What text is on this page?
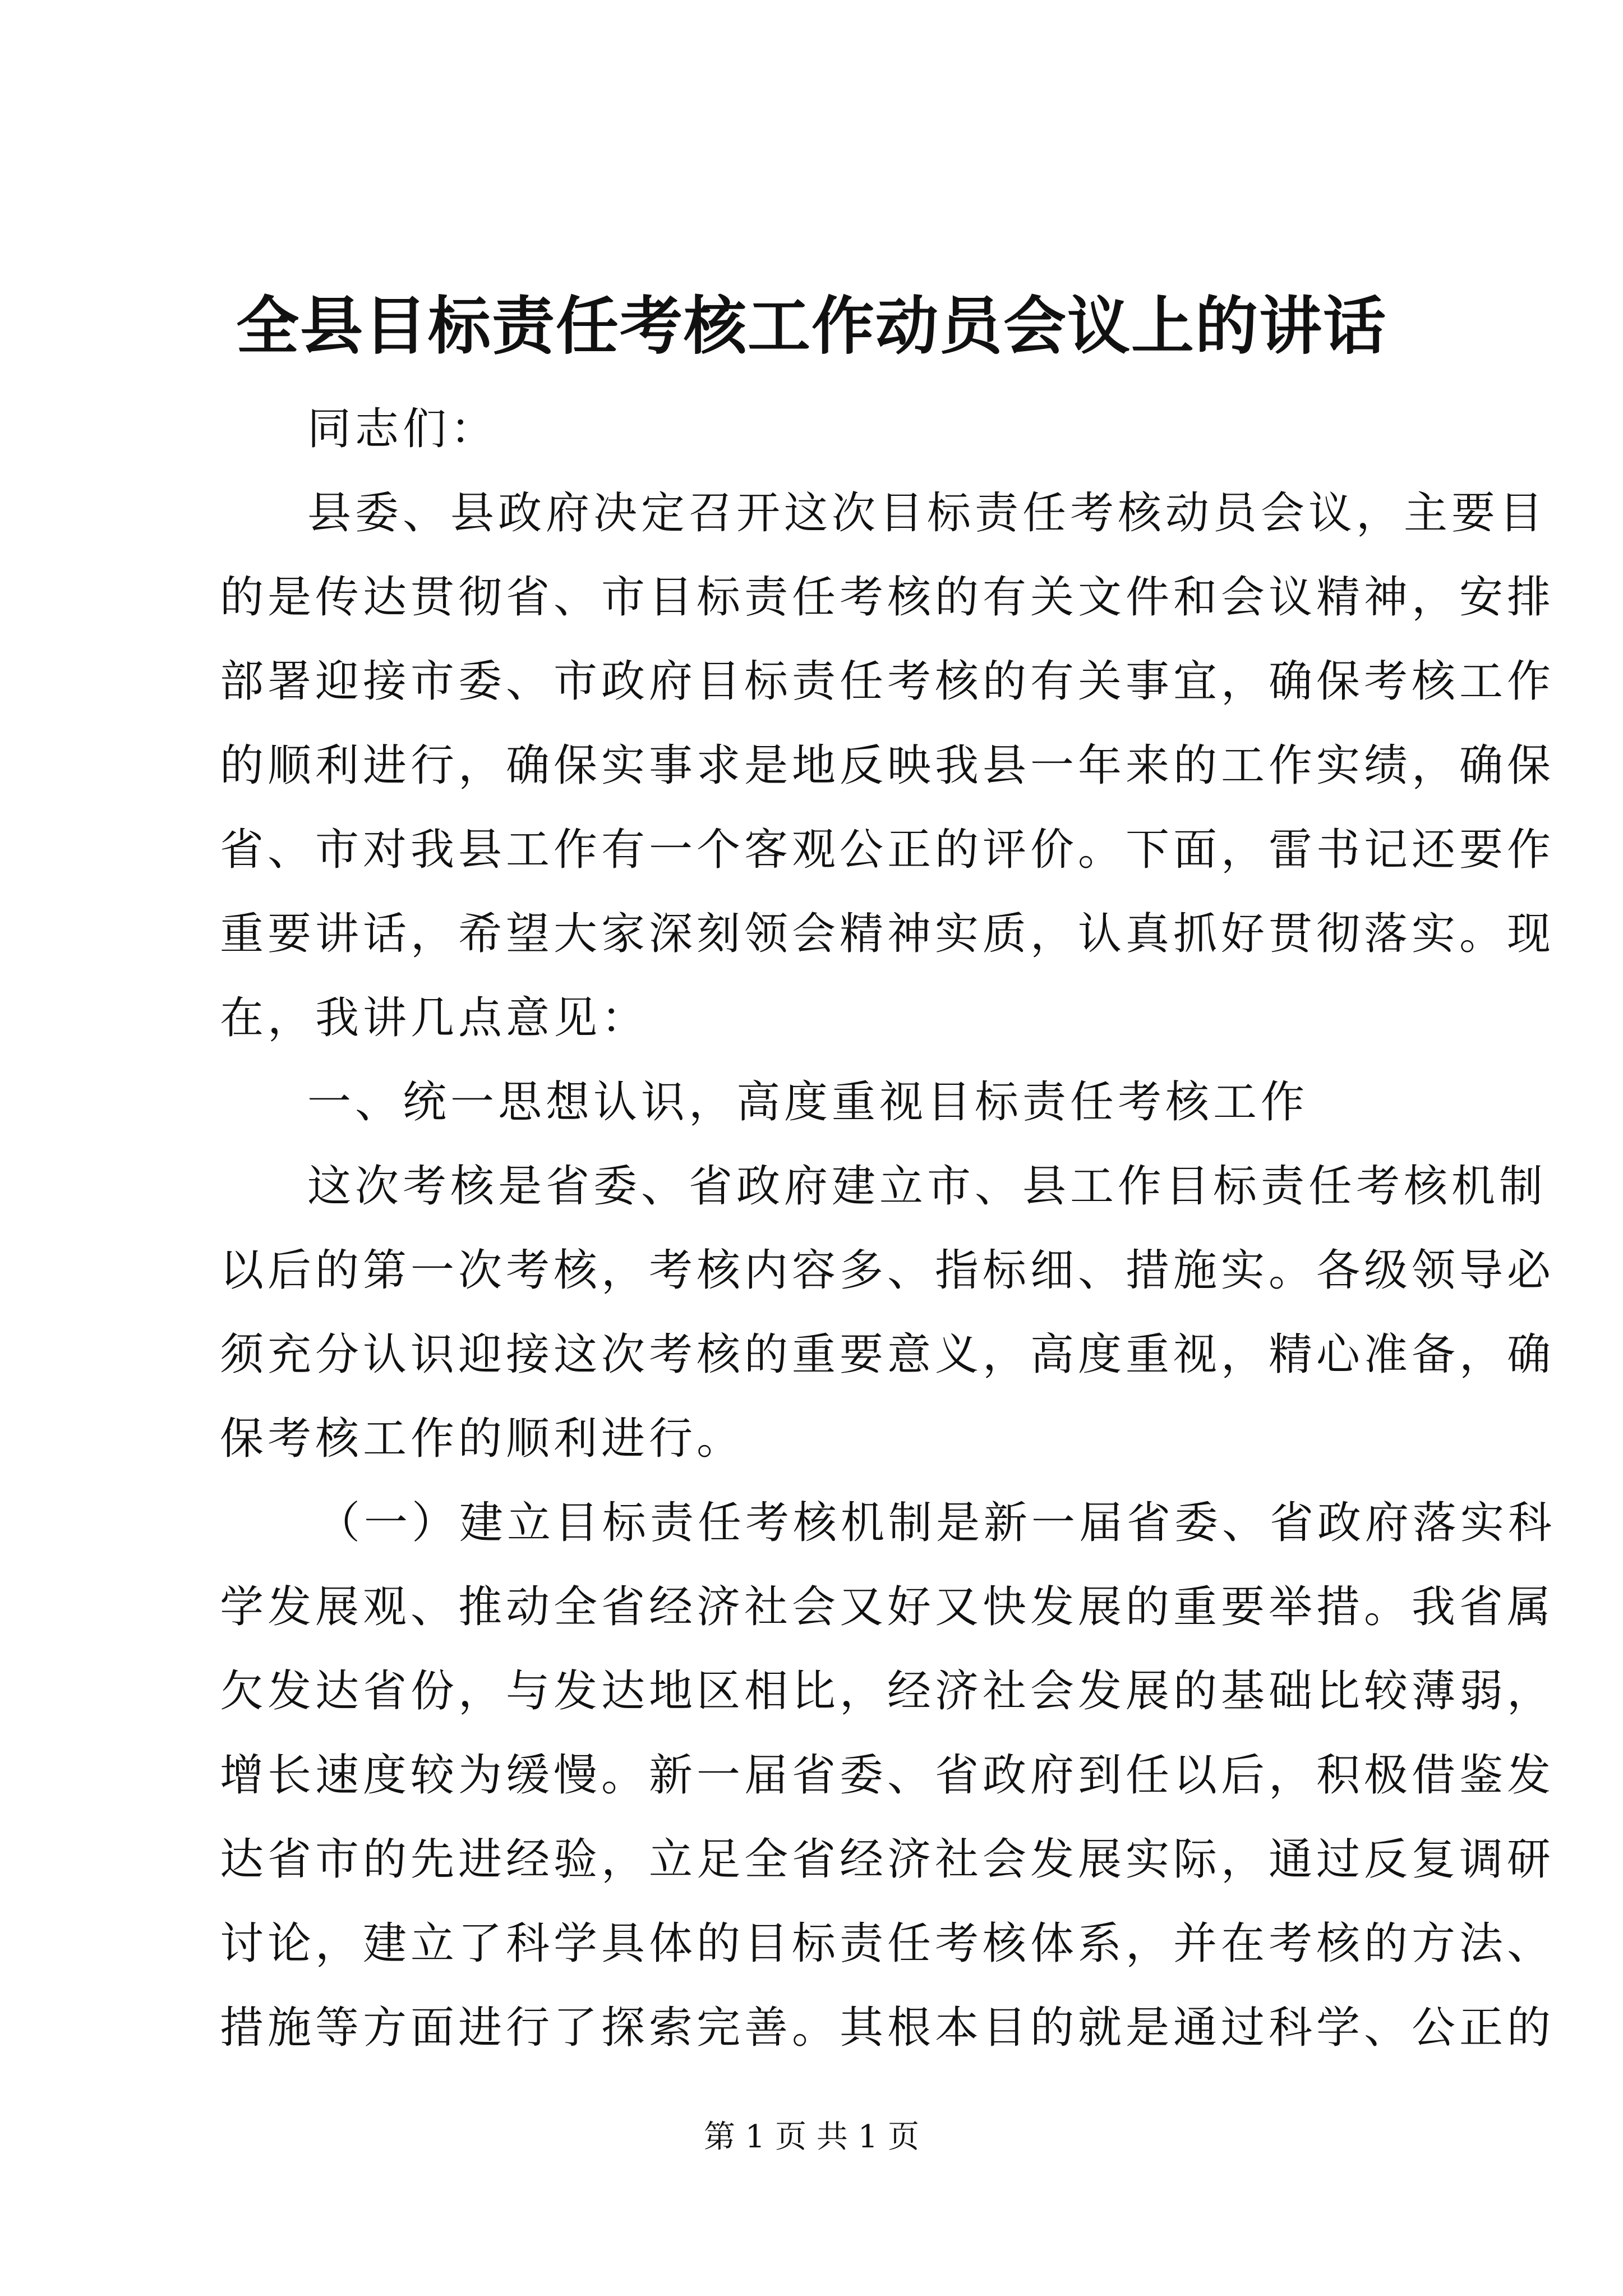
全县目标责任考核工作动员会议上的讲话
同志们：
县委、县政府决定召开这次目标责任考核动员会议，主要目
的是传达贯彻省、市目标责任考核的有关文件和会议精神，安排
部署迎接市委、市政府目标责任考核的有关事宜，确保考核工作
的顺利进行，确保实事求是地反映我县一年来的工作实绩，确保
省、市对我县工作有一个客观公正的评价。下面，雷书记还要作
重要讲话，希望大家深刻领会精神实质，认真抓好贯彻落实。现
在，我讲几点意见：
一、统一思想认识，高度重视目标责任考核工作
这次考核是省委、省政府建立市、县工作目标责任考核机制
以后的第一次考核，考核内容多、指标细、措施实。各级领导必
须充分认识迎接这次考核的重要意义，高度重视，精心准备，确
保考核工作的顺利进行。
（一）建立目标责任考核机制是新一届省委、省政府落实科
学发展观、推动全省经济社会又好又快发展的重要举措。我省属
欠发达省份，与发达地区相比，经济社会发展的基础比较薄弱，
增长速度较为缓慢。新一届省委、省政府到任以后，积极借鉴发
达省市的先进经验，立足全省经济社会发展实际，通过反复调研
讨论，建立了科学具体的目标责任考核体系，并在考核的方法、
措施等方面进行了探索完善。其根本目的就是通过科学、公正的
第 1 页 共 1 页
